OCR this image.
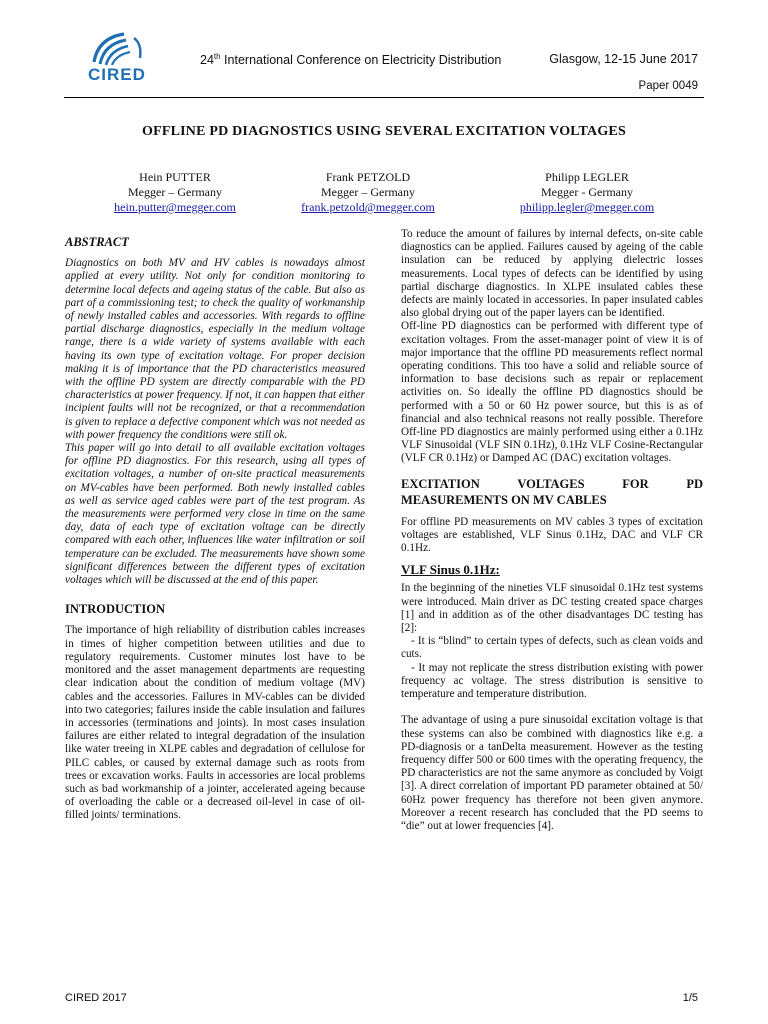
CIRED
24th International Conference on Electricity Distribution	Glasgow, 12-15 June 2017
Paper 0049
OFFLINE PD DIAGNOSTICS USING SEVERAL EXCITATION VOLTAGES
Hein PUTTER
Megger – Germany
hein.putter@megger.com
Frank PETZOLD
Megger – Germany
frank.petzold@megger.com
Philipp LEGLER
Megger - Germany
philipp.legler@megger.com
ABSTRACT

Diagnostics on both MV and HV cables is nowadays almost applied at every utility. Not only for condition monitoring to determine local defects and ageing status of the cable. But also as part of a commissioning test; to check the quality of workmanship of newly installed cables and accessories. With regards to offline partial discharge diagnostics, especially in the medium voltage range, there is a wide variety of systems available with each having its own type of excitation voltage. For proper decision making it is of importance that the PD characteristics measured with the offline PD system are directly comparable with the PD characteristics at power frequency. If not, it can happen that either incipient faults will not be recognized, or that a recommendation is given to replace a defective component which was not needed as with power frequency the conditions were still ok.

This paper will go into detail to all available excitation voltages for offline PD diagnostics. For this research, using all types of excitation voltages, a number of on-site practical measurements on MV-cables have been performed. Both newly installed cables as well as service aged cables were part of the test program. As the measurements were performed very close in time on the same day, data of each type of excitation voltage can be directly compared with each other, influences like water infiltration or soil temperature can be excluded. The measurements have shown some significant differences between the different types of excitation voltages which will be discussed at the end of this paper.

INTRODUCTION

The importance of high reliability of distribution cables increases in times of higher competition between utilities and due to regulatory requirements. Customer minutes lost have to be monitored and the asset management departments are requesting clear indication about the condition of medium voltage (MV) cables and the accessories. Failures in MV-cables can be divided into two categories; failures inside the cable insulation and failures in accessories (terminations and joints). In most cases insulation failures are either related to integral degradation of the insulation like water treeing in XLPE cables and degradation of cellulose for PILC cables, or caused by external damage such as roots from trees or excavation works. Faults in accessories are local problems such as bad workmanship of a jointer, accelerated ageing because of overloading the cable or a decreased oil-level in case of oil-filled joints/ terminations.

To reduce the amount of failures by internal defects, on-site cable diagnostics can be applied. Failures caused by ageing of the cable insulation can be reduced by applying dielectric losses measurements. Local types of defects can be identified by using partial discharge diagnostics. In XLPE insulated cables these defects are mainly located in accessories. In paper insulated cables also global drying out of the paper layers can be identified.

Off-line PD diagnostics can be performed with different type of excitation voltages. From the asset-manager point of view it is of major importance that the offline PD measurements reflect normal operating conditions. This too have a solid and reliable source of information to base decisions such as repair or replacement activities on. So ideally the offline PD diagnostics should be performed with a 50 or 60 Hz power source, but this is as of financial and also technical reasons not really possible. Therefore Off-line PD diagnostics are mainly performed using either a 0.1Hz VLF Sinusoidal (VLF SIN 0.1Hz), 0.1Hz VLF Cosine-Rectangular (VLF CR 0.1Hz) or Damped AC (DAC) excitation voltages.

EXCITATION	VOLTAGES	FOR	PD
MEASUREMENTS ON MV CABLES

For offline PD measurements on MV cables 3 types of excitation voltages are established, VLF Sinus 0.1Hz, DAC and VLF CR 0.1Hz.

VLF Sinus 0.1Hz:

In the beginning of the nineties VLF sinusoidal 0.1Hz test systems were introduced. Main driver as DC testing created space charges [1] and in addition as of the other disadvantages DC testing has [2]:

- It is “blind” to certain types of defects, such as clean voids and cuts.

- It may not replicate the stress distribution existing with power frequency ac voltage. The stress distribution is sensitive to temperature and temperature distribution.

The advantage of using a pure sinusoidal excitation voltage is that these systems can also be combined with diagnostics like e.g. a PD-diagnosis or a tanDelta measurement. However as the testing frequency differ 500 or 600 times with the operating frequency, the PD characteristics are not the same anymore as concluded by Voigt [3]. A direct correlation of important PD parameter obtained at 50/ 60Hz power frequency has therefore not been given anymore. Moreover a recent research has concluded that the PD seems to “die” out at lower frequencies [4].

CIRED 2017	1/5
